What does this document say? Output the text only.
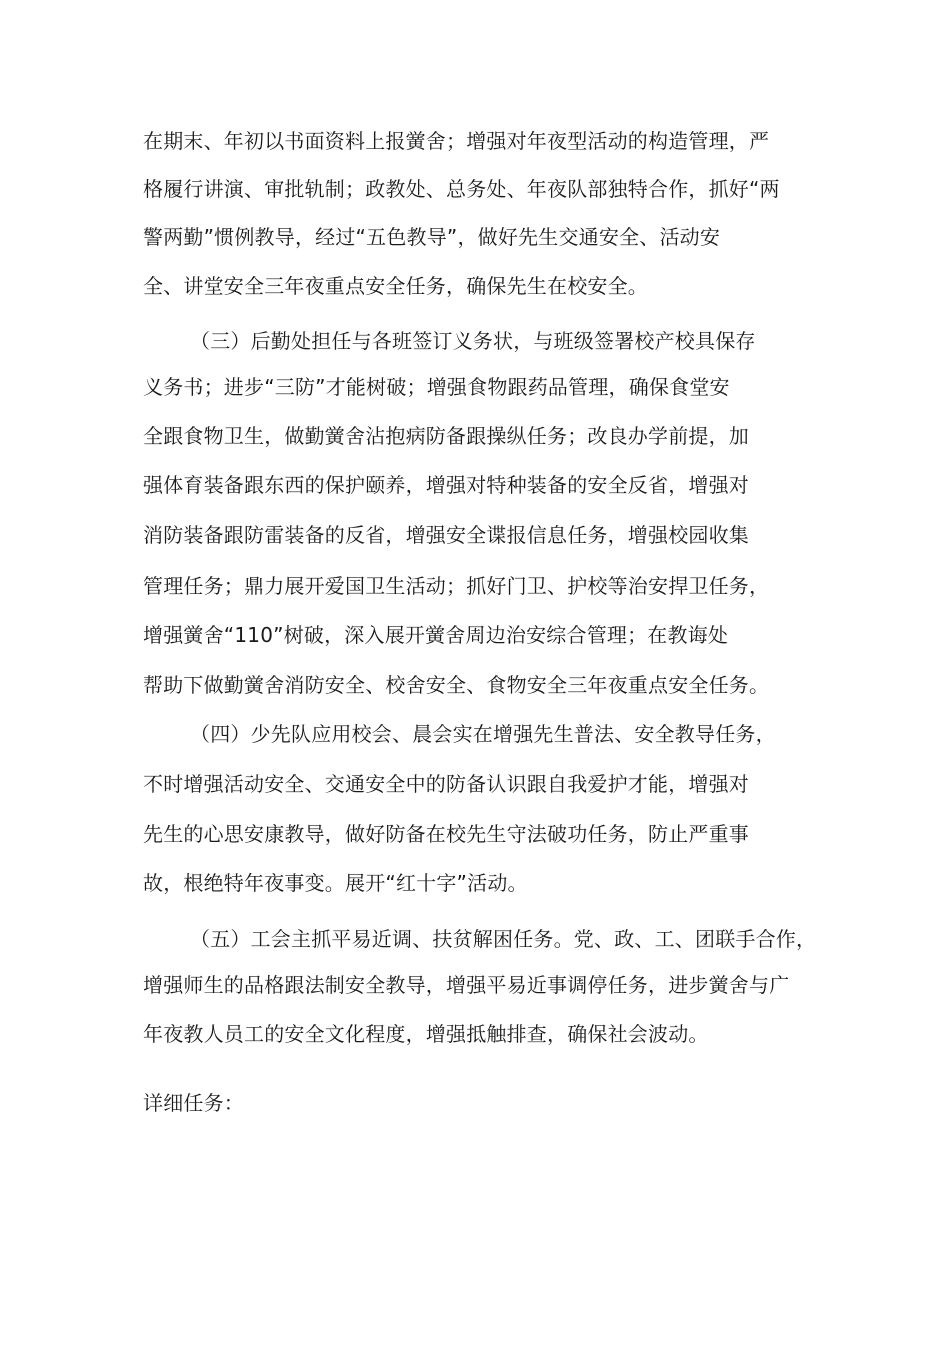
在期末、年初以书面资料上报黉舍；增强对年夜型活动的构造管理，严
格履行讲演、审批轨制；政教处、总务处、年夜队部独特合作，抓好“两
警两勤”惯例教导，经过“五色教导”，做好先生交通安全、活动安
全、讲堂安全三年夜重点安全任务，确保先生在校安全。
（三）后勤处担任与各班签订义务状，与班级签署校产校具保存
义务书；进步“三防”才能树破；增强食物跟药品管理，确保食堂安
全跟食物卫生，做勤黉舍沾抱病防备跟操纵任务；改良办学前提，加
强体育装备跟东西的保护颐养，增强对特种装备的安全反省，增强对
消防装备跟防雷装备的反省，增强安全谍报信息任务，增强校园收集
管理任务；鼎力展开爱国卫生活动；抓好门卫、护校等治安捍卫任务，
增强黉舍“110”树破，深入展开黉舍周边治安综合管理；在教诲处
帮助下做勤黉舍消防安全、校舍安全、食物安全三年夜重点安全任务。
（四）少先队应用校会、晨会实在增强先生普法、安全教导任务，
不时增强活动安全、交通安全中的防备认识跟自我爱护才能，增强对
先生的心思安康教导，做好防备在校先生守法破功任务，防止严重事
故，根绝特年夜事变。展开“红十字”活动。
（五）工会主抓平易近调、扶贫解困任务。党、政、工、团联手合作，
增强师生的品格跟法制安全教导，增强平易近事调停任务，进步黉舍与广
年夜教人员工的安全文化程度，增强抵触排查，确保社会波动。
详细任务：
